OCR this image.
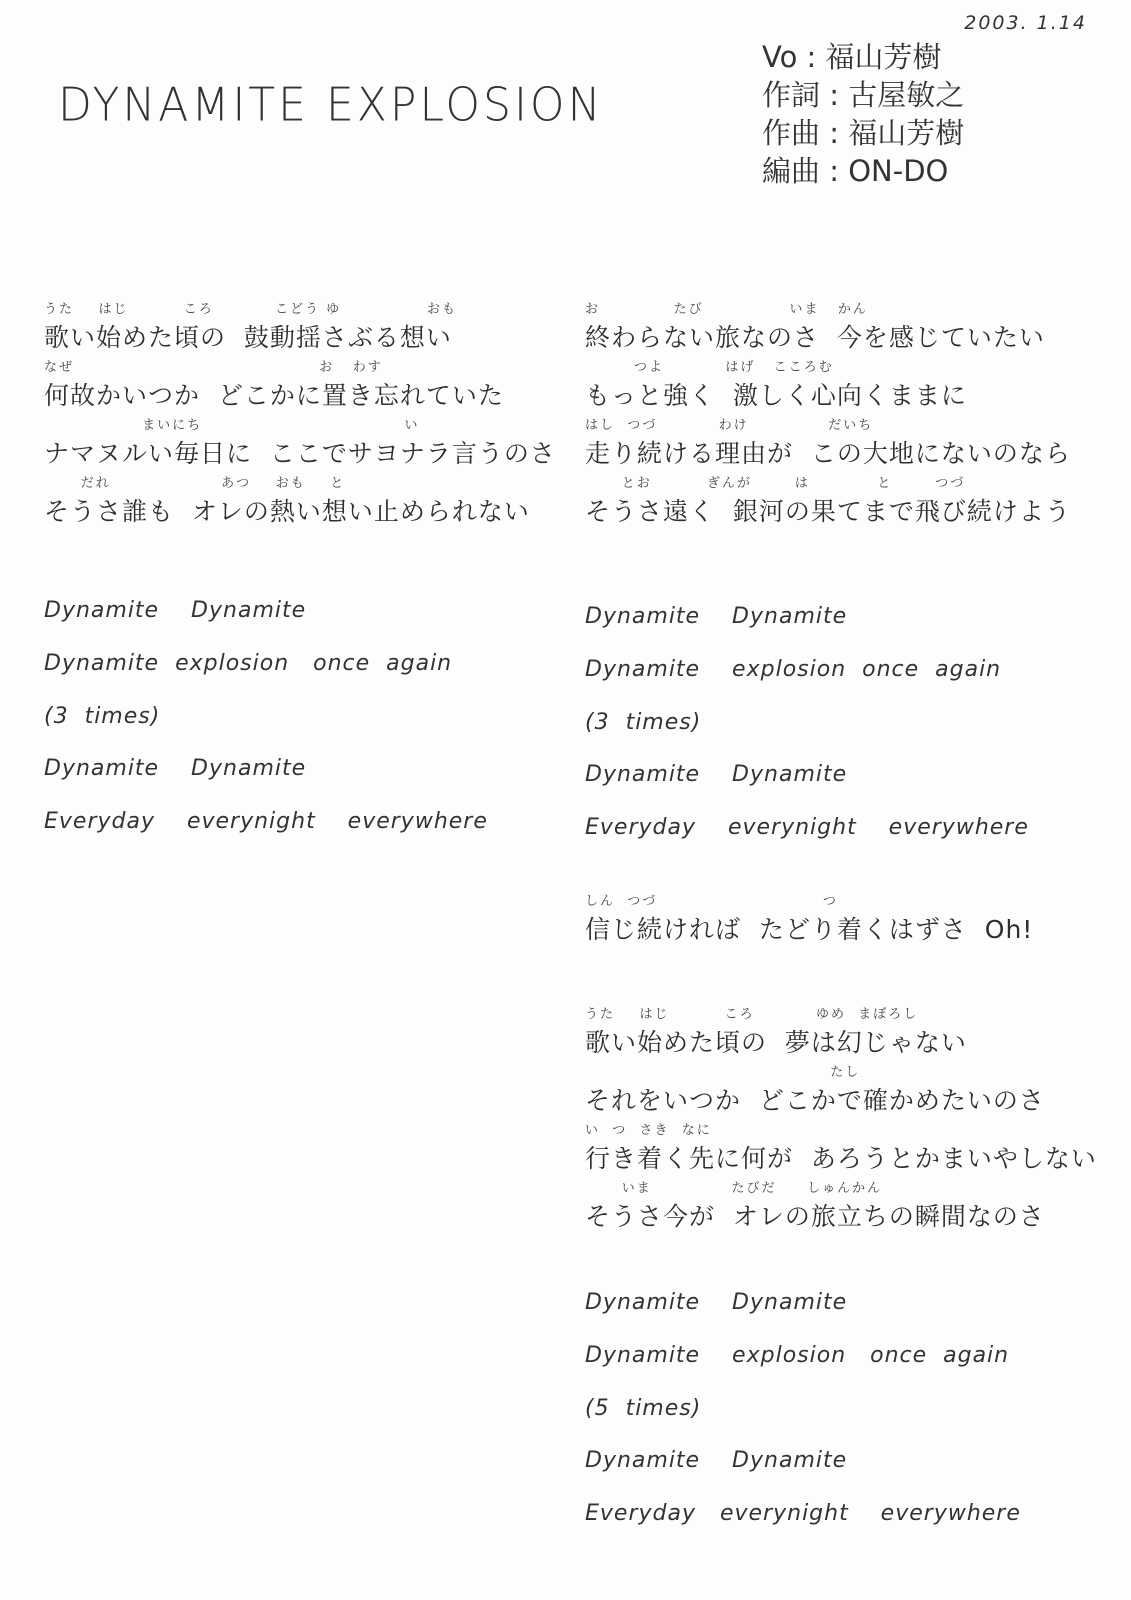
2003. 1.14
DYNAMITE EXPLOSION
Vo : 福山芳樹
作詞 : 古屋敏之
作曲 : 福山芳樹
編曲 : ON-DO
うた    はじ         ころ          こどう ゆ              おも
歌い始めた頃の  鼓動揺さぶる想い
なぜ                                        お   わす
何故かいつか  どこかに置き忘れていた
まいにち                                 い
ナマヌルい毎日に  ここでサヨナラ言うのさ
だれ                  あつ    おも    と
そうさ誰も  オレの熱い想い止められない
Dynamite    Dynamite
Dynamite  explosion   once  again
(3  times)
Dynamite    Dynamite
Everyday    everynight    everywhere
お            たび              いま   かん
終わらない旅なのさ  今を感じていたい
つよ          はげ   こころむ
もっと強く  激しく心向くままに
はし  つづ          わけ             だいち
走り続ける理由が  この大地にないのなら
とお         ぎんが       は           と       つづ
そうさ遠く  銀河の果てまで飛び続けよう
Dynamite    Dynamite
Dynamite    explosion  once  again
(3  times)
Dynamite    Dynamite
Everyday    everynight    everywhere
しん  つづ                           つ
信じ続ければ  たどり着くはずさ  Oh!
うた    はじ         ころ          ゆめ  まぼろし
歌い始めた頃の  夢は幻じゃない
たし
それをいつか  どこかで確かめたいのさ
い  つ  さき  なに
行き着く先に何が  あろうとかまいやしない
いま             たびだ     しゅんかん
そうさ今が  オレの旅立ちの瞬間なのさ
Dynamite    Dynamite
Dynamite    explosion   once  again
(5  times)
Dynamite    Dynamite
Everyday   everynight    everywhere
